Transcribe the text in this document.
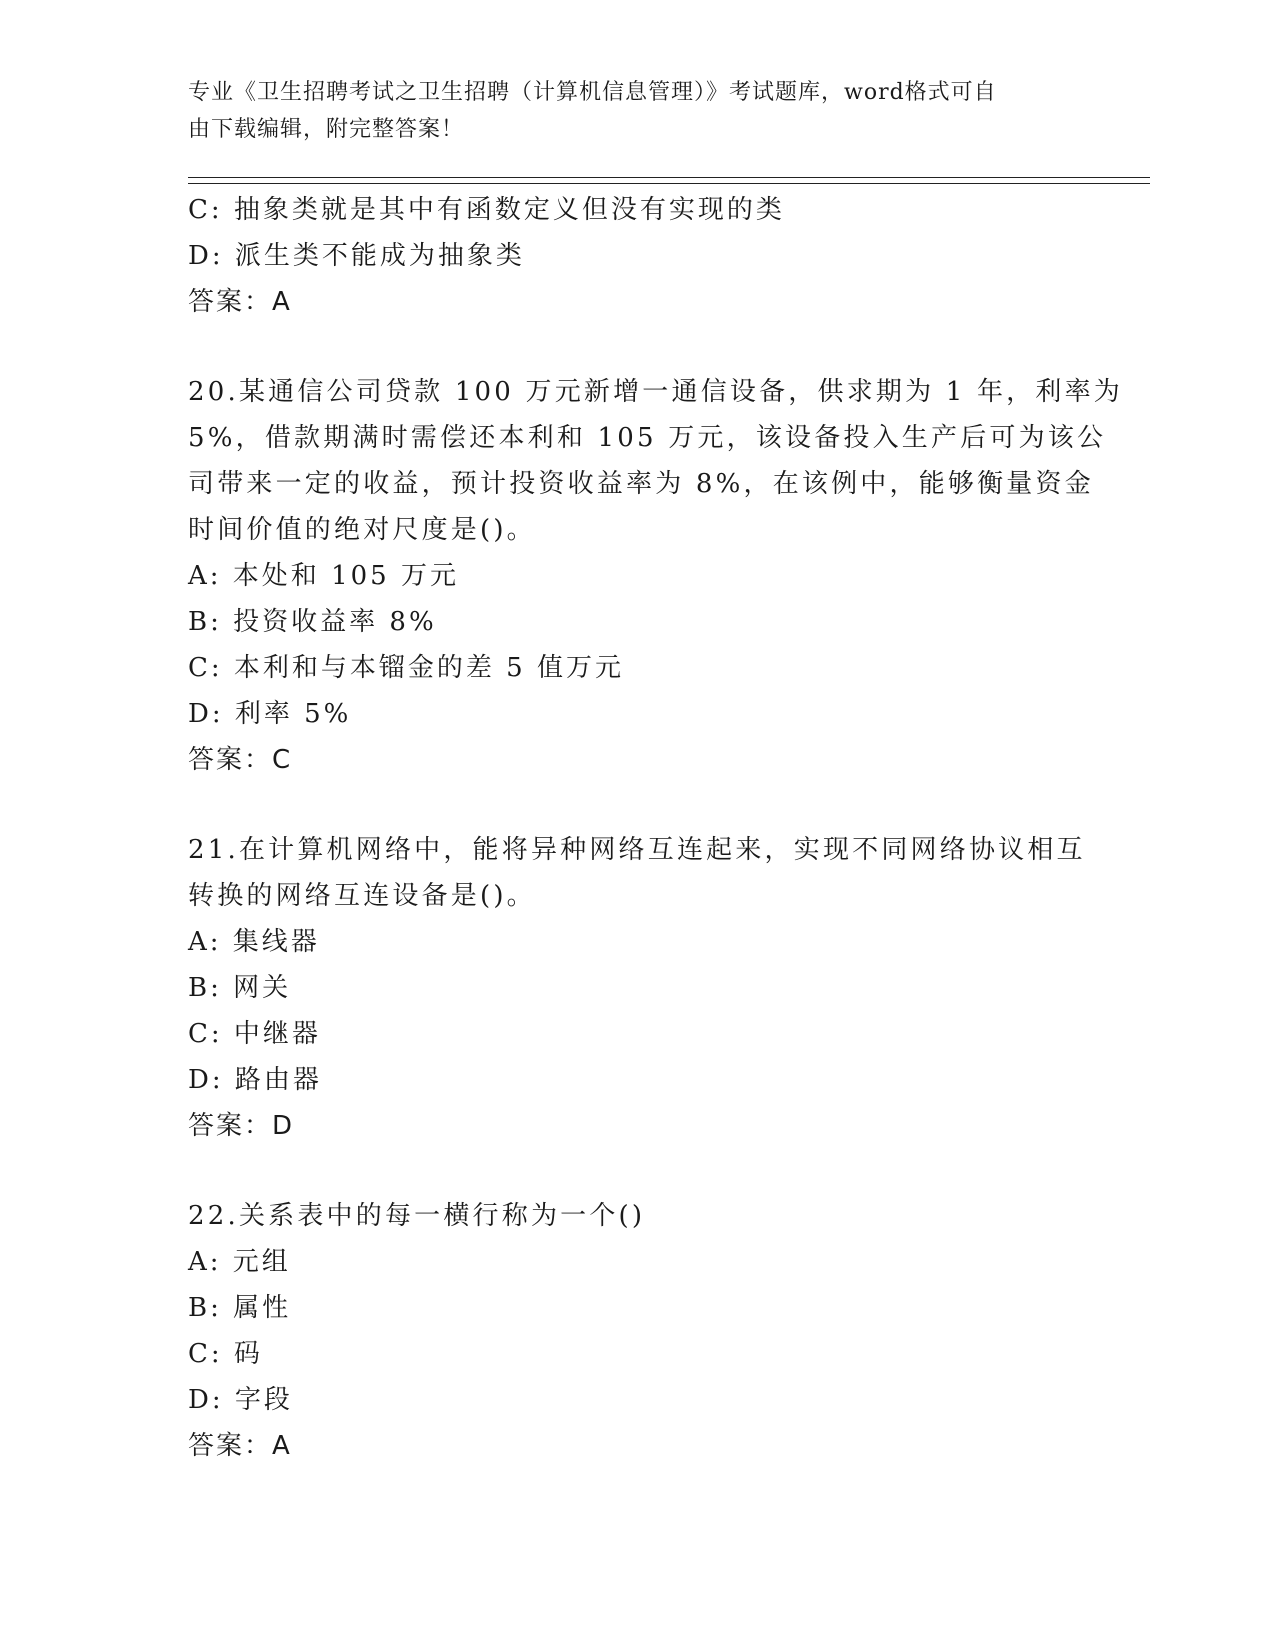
专业《卫生招聘考试之卫生招聘（计算机信息管理）》考试题库，word格式可自
由下载编辑，附完整答案！
C: 抽象类就是其中有函数定义但没有实现的类
D: 派生类不能成为抽象类
答案：A
20.某通信公司贷款 100 万元新增一通信设备，供求期为 1 年，利率为
5%，借款期满时需偿还本利和 105 万元，该设备投入生产后可为该公
司带来一定的收益，预计投资收益率为 8%，在该例中，能够衡量资金
时间价值的绝对尺度是()。
A: 本处和 105 万元
B: 投资收益率 8%
C: 本利和与本镏金的差 5 值万元
D: 利率 5%
答案：C
21.在计算机网络中，能将异种网络互连起来，实现不同网络协议相互
转换的网络互连设备是()。
A: 集线器
B: 网关
C: 中继器
D: 路由器
答案：D
22.关系表中的每一横行称为一个()
A: 元组
B: 属性
C: 码
D: 字段
答案：A
